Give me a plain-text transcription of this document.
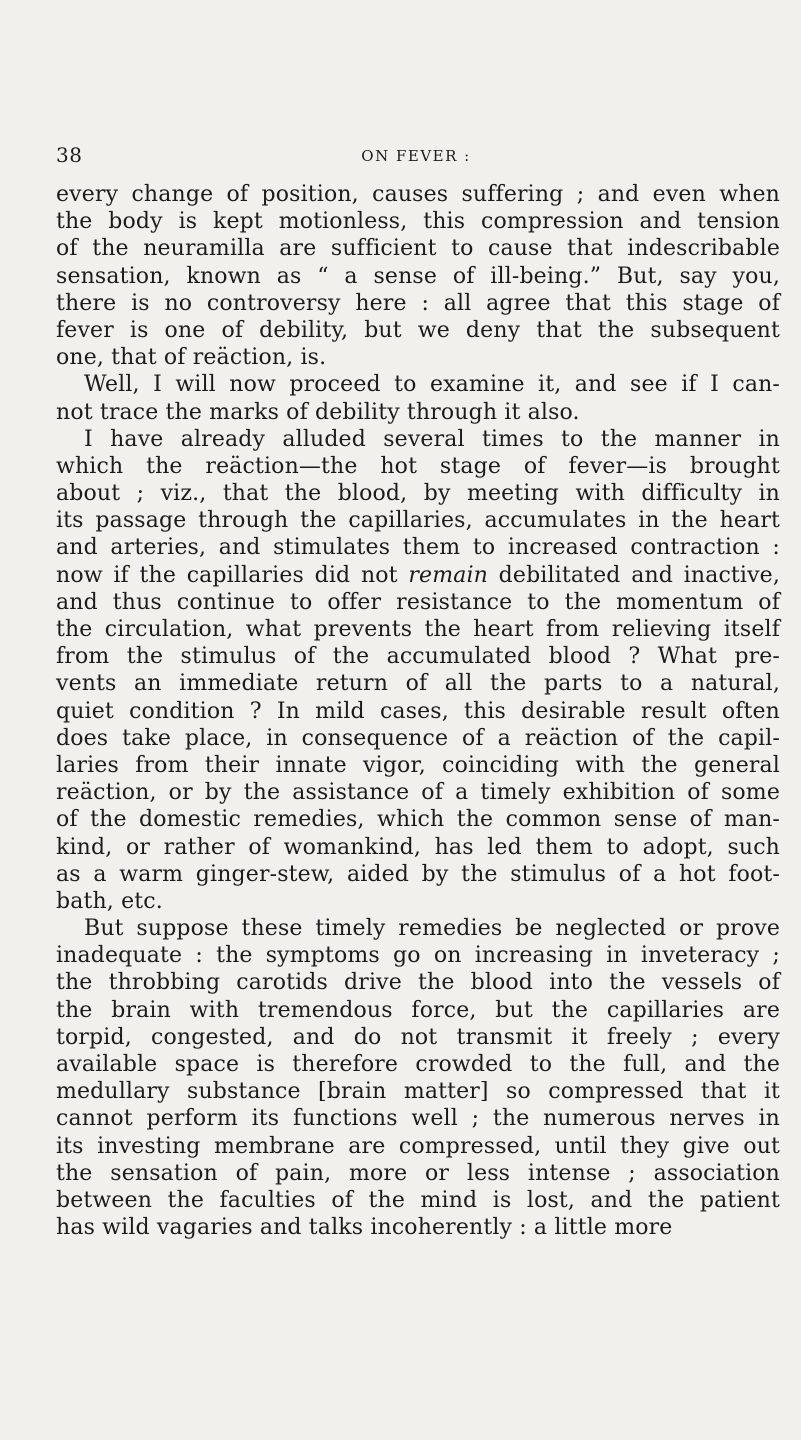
38	ON FEVER :
every change of position, causes suffering ; and even when
the body is kept motionless, this compression and tension
of the neuramilla are sufficient to cause that indescribable
sensation, known as “ a sense of ill-being.” But, say you,
there is no controversy here : all agree that this stage of
fever is one of debility, but we deny that the subsequent
one, that of reäction, is.
Well, I will now proceed to examine it, and see if I can-
not trace the marks of debility through it also.
I have already alluded several times to the manner in
which the reäction—the hot stage of fever—is brought
about ; viz., that the blood, by meeting with difficulty in
its passage through the capillaries, accumulates in the heart
and arteries, and stimulates them to increased contraction :
now if the capillaries did not remain debilitated and inactive,
and thus continue to offer resistance to the momentum of
the circulation, what prevents the heart from relieving itself
from the stimulus of the accumulated blood ? What pre-
vents an immediate return of all the parts to a natural,
quiet condition ? In mild cases, this desirable result often
does take place, in consequence of a reäction of the capil-
laries from their innate vigor, coinciding with the general
reäction, or by the assistance of a timely exhibition of some
of the domestic remedies, which the common sense of man-
kind, or rather of womankind, has led them to adopt, such
as a warm ginger-stew, aided by the stimulus of a hot foot-
bath, etc.
But suppose these timely remedies be neglected or prove
inadequate : the symptoms go on increasing in inveteracy ;
the throbbing carotids drive the blood into the vessels of
the brain with tremendous force, but the capillaries are
torpid, congested, and do not transmit it freely ; every
available space is therefore crowded to the full, and the
medullary substance [brain matter] so compressed that it
cannot perform its functions well ; the numerous nerves in
its investing membrane are compressed, until they give out
the sensation of pain, more or less intense ; association
between the faculties of the mind is lost, and the patient
has wild vagaries and talks incoherently : a little more
